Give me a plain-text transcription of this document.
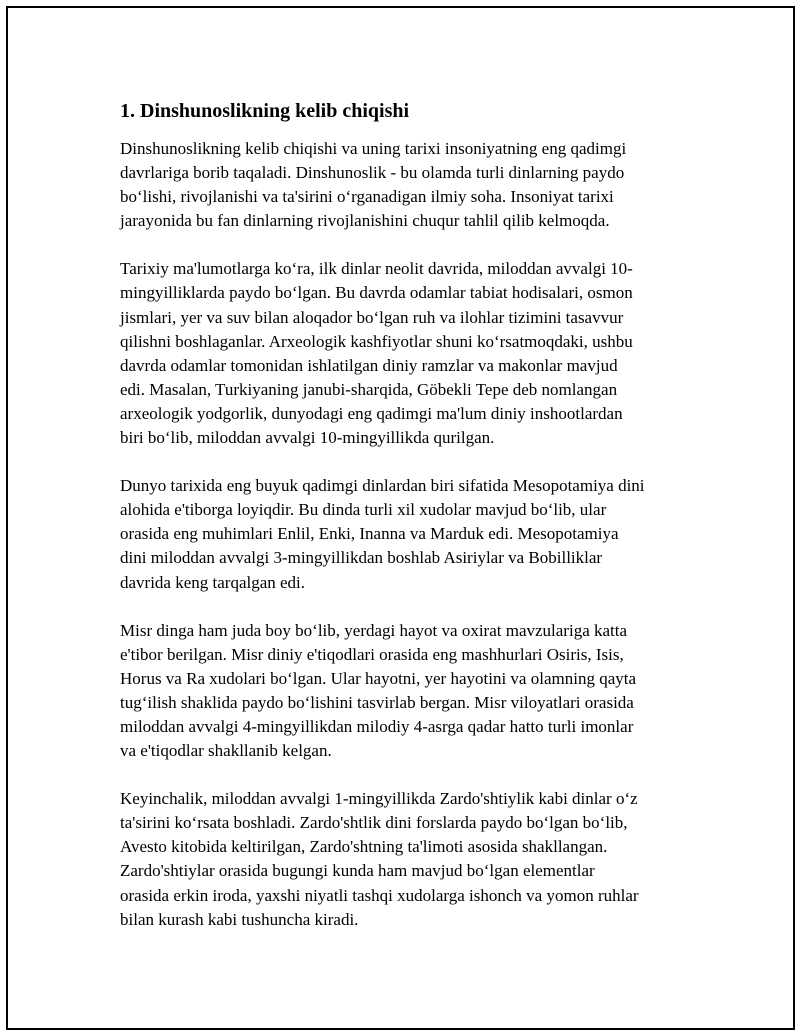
1. Dinshunoslikning kelib chiqishi

Dinshunoslikning kelib chiqishi va uning tarixi insoniyatning eng qadimgi
davrlariga borib taqaladi. Dinshunoslik - bu olamda turli dinlarning paydo
bo‘lishi, rivojlanishi va ta'sirini o‘rganadigan ilmiy soha. Insoniyat tarixi
jarayonida bu fan dinlarning rivojlanishini chuqur tahlil qilib kelmoqda.

Tarixiy ma'lumotlarga ko‘ra, ilk dinlar neolit davrida, miloddan avvalgi 10-
mingyilliklarda paydo bo‘lgan. Bu davrda odamlar tabiat hodisalari, osmon
jismlari, yer va suv bilan aloqador bo‘lgan ruh va ilohlar tizimini tasavvur
qilishni boshlaganlar. Arxeologik kashfiyotlar shuni ko‘rsatmoqdaki, ushbu
davrda odamlar tomonidan ishlatilgan diniy ramzlar va makonlar mavjud
edi. Masalan, Turkiyaning janubi-sharqida, Göbekli Tepe deb nomlangan
arxeologik yodgorlik, dunyodagi eng qadimgi ma'lum diniy inshootlardan
biri bo‘lib, miloddan avvalgi 10-mingyillikda qurilgan.

Dunyo tarixida eng buyuk qadimgi dinlardan biri sifatida Mesopotamiya dini
alohida e'tiborga loyiqdir. Bu dinda turli xil xudolar mavjud bo‘lib, ular
orasida eng muhimlari Enlil, Enki, Inanna va Marduk edi. Mesopotamiya
dini miloddan avvalgi 3-mingyillikdan boshlab Asiriylar va Bobilliklar
davrida keng tarqalgan edi.

Misr dinga ham juda boy bo‘lib, yerdagi hayot va oxirat mavzulariga katta
e'tibor berilgan. Misr diniy e'tiqodlari orasida eng mashhurlari Osiris, Isis,
Horus va Ra xudolari bo‘lgan. Ular hayotni, yer hayotini va olamning qayta
tug‘ilish shaklida paydo bo‘lishini tasvirlab bergan. Misr viloyatlari orasida
miloddan avvalgi 4-mingyillikdan milodiy 4-asrga qadar hatto turli imonlar
va e'tiqodlar shakllanib kelgan.

Keyinchalik, miloddan avvalgi 1-mingyillikda Zardo'shtiylik kabi dinlar o‘z
ta'sirini ko‘rsata boshladi. Zardo'shtlik dini forslarda paydo bo‘lgan bo‘lib,
Avesto kitobida keltirilgan, Zardo'shtning ta'limoti asosida shakllangan.
Zardo'shtiylar orasida bugungi kunda ham mavjud bo‘lgan elementlar
orasida erkin iroda, yaxshi niyatli tashqi xudolarga ishonch va yomon ruhlar
bilan kurash kabi tushuncha kiradi.
